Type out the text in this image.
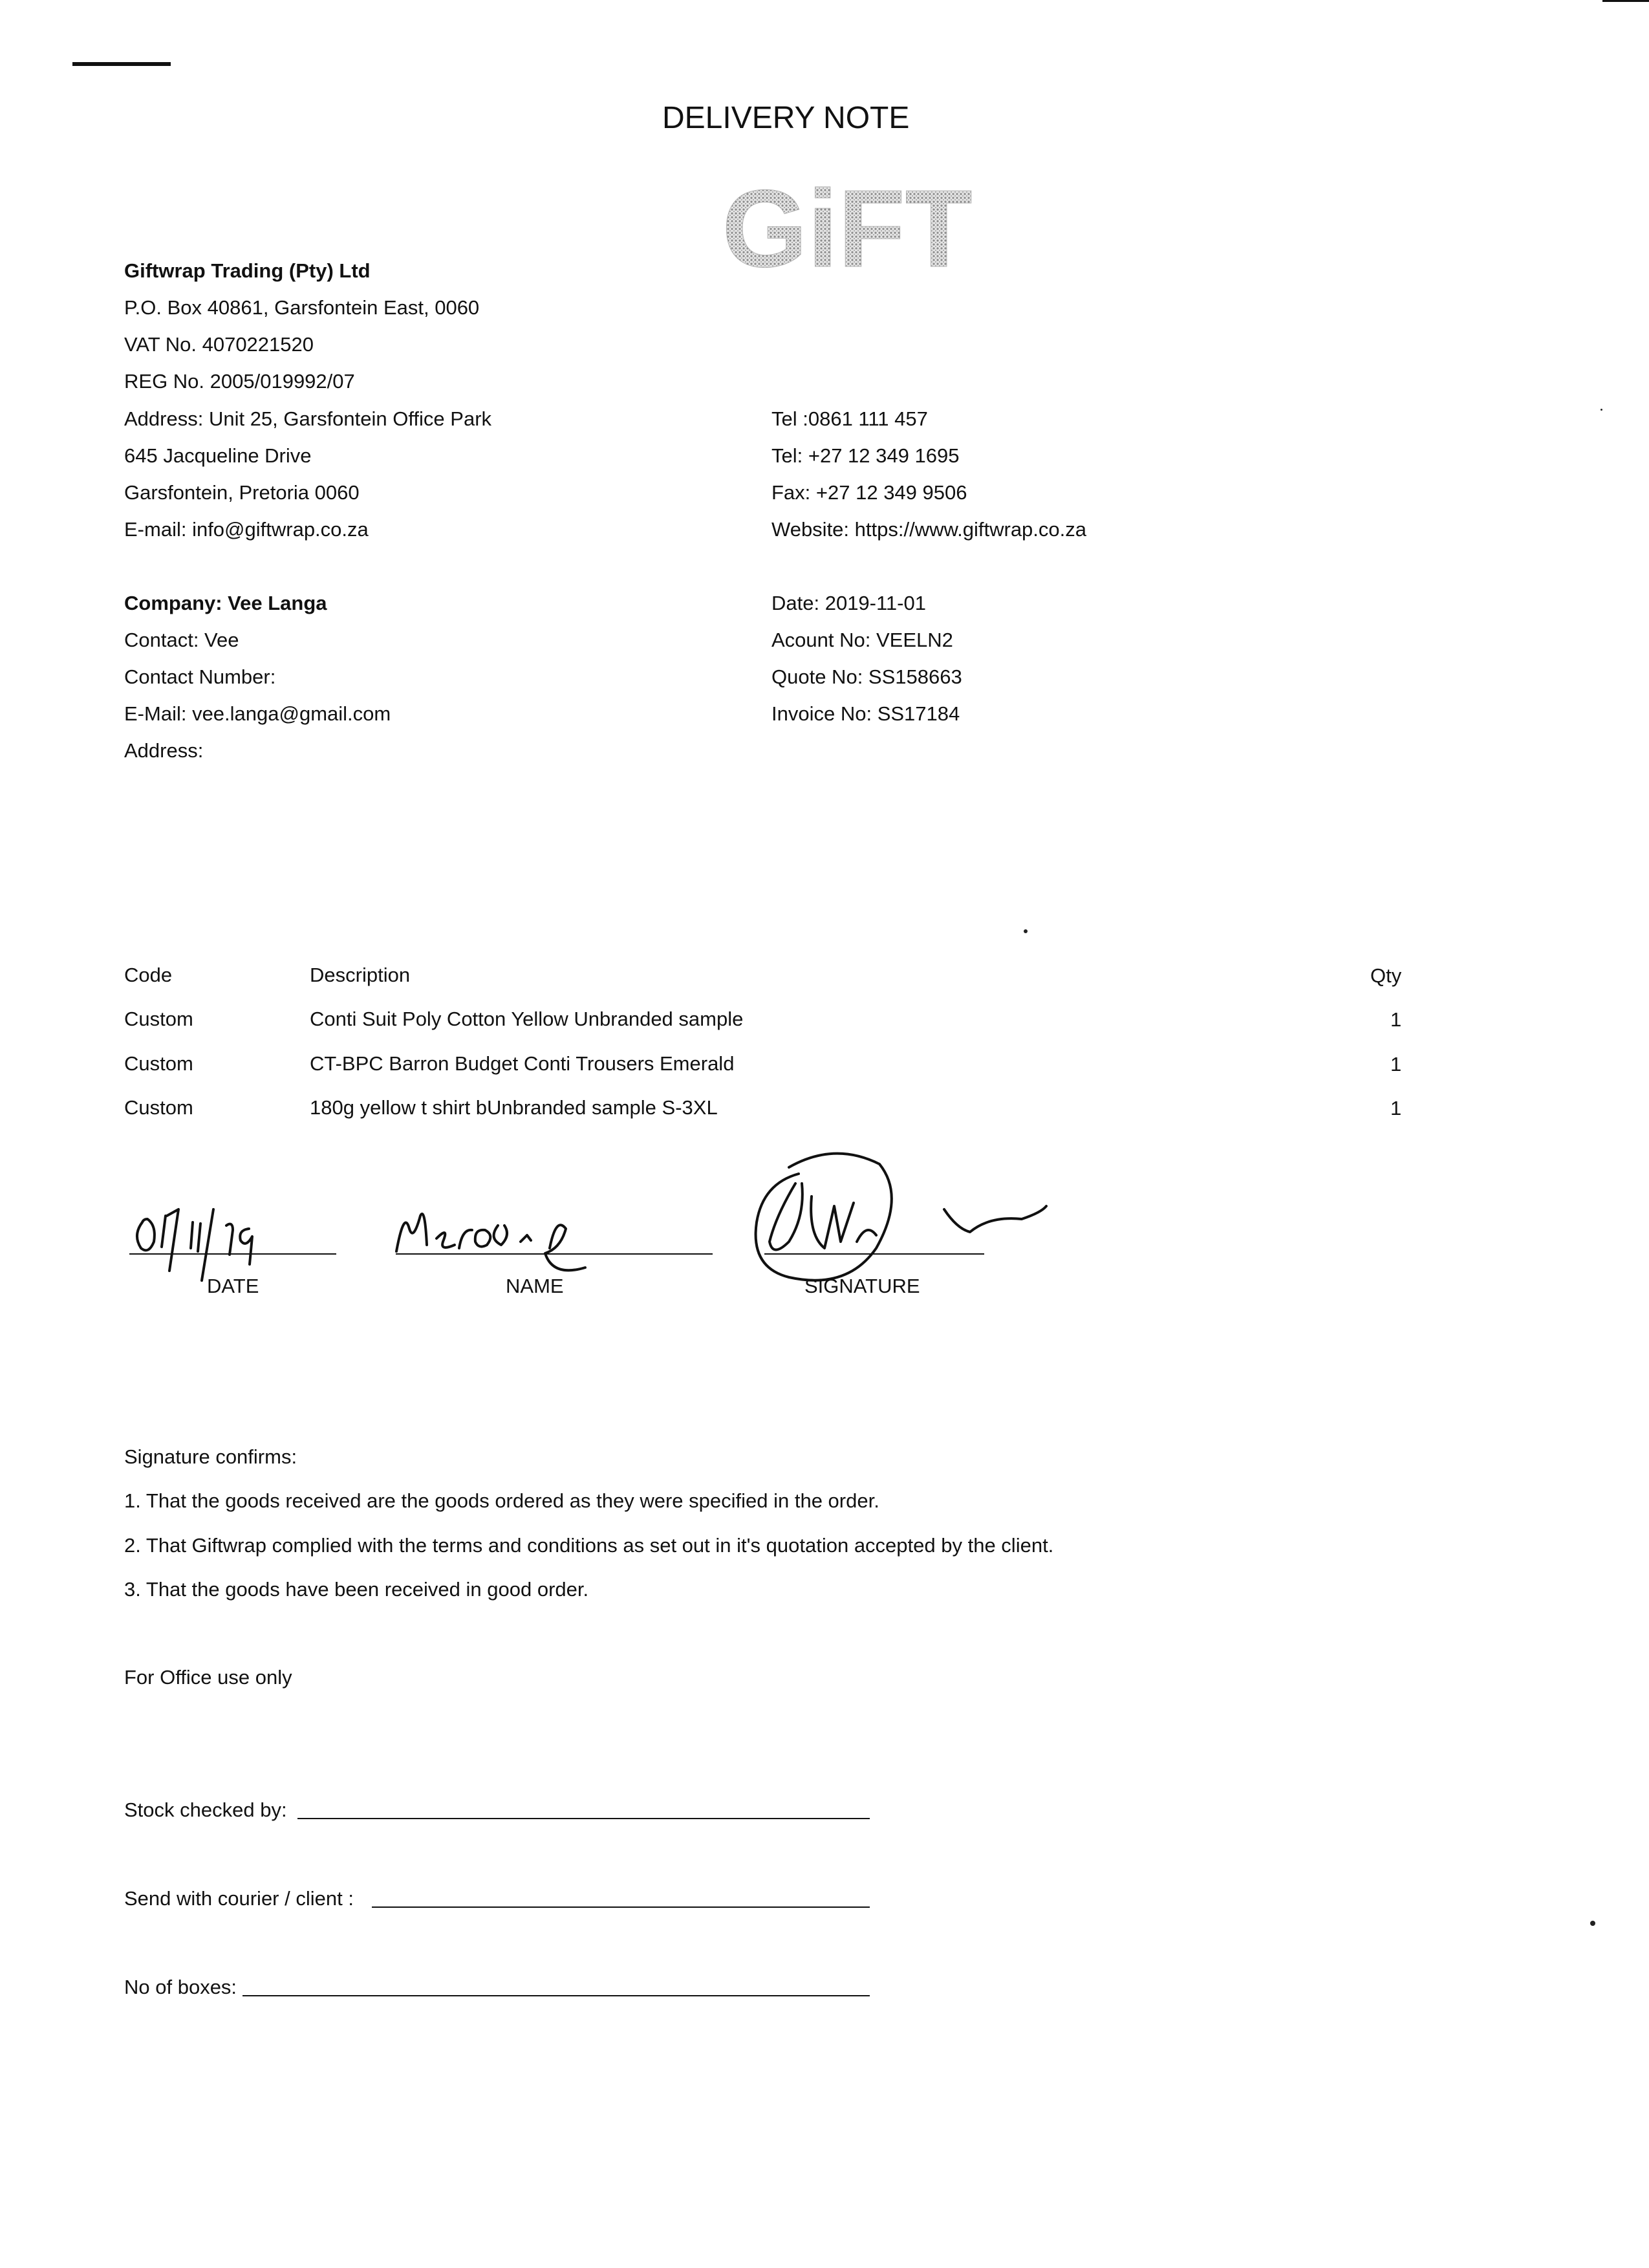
DELIVERY NOTE
GiFT
Giftwrap Trading (Pty) Ltd
P.O. Box 40861, Garsfontein East, 0060
VAT No. 4070221520
REG No. 2005/019992/07
Address: Unit 25, Garsfontein Office Park
645 Jacqueline Drive
Garsfontein, Pretoria 0060
E-mail: info@giftwrap.co.za
Tel :0861 111 457
Tel: +27 12 349 1695
Fax: +27 12 349 9506
Website: https://www.giftwrap.co.za
Company: Vee Langa
Contact: Vee
Contact Number:
E-Mail: vee.langa@gmail.com
Address:
Date: 2019-11-01
Acount No: VEELN2
Quote No: SS158663
Invoice No: SS17184
Code	Description	Qty
Custom	Conti Suit Poly Cotton Yellow Unbranded sample	1
Custom	CT-BPC Barron Budget Conti Trousers Emerald	1
Custom	180g yellow t shirt bUnbranded sample S-3XL	1
DATE	NAME	SIGNATURE
Signature confirms:
1. That the goods received are the goods ordered as they were specified in the order.
2. That Giftwrap complied with the terms and conditions as set out in it's quotation accepted by the client.
3. That the goods have been received in good order.
For Office use only
Stock checked by:
Send with courier / client :
No of boxes:
